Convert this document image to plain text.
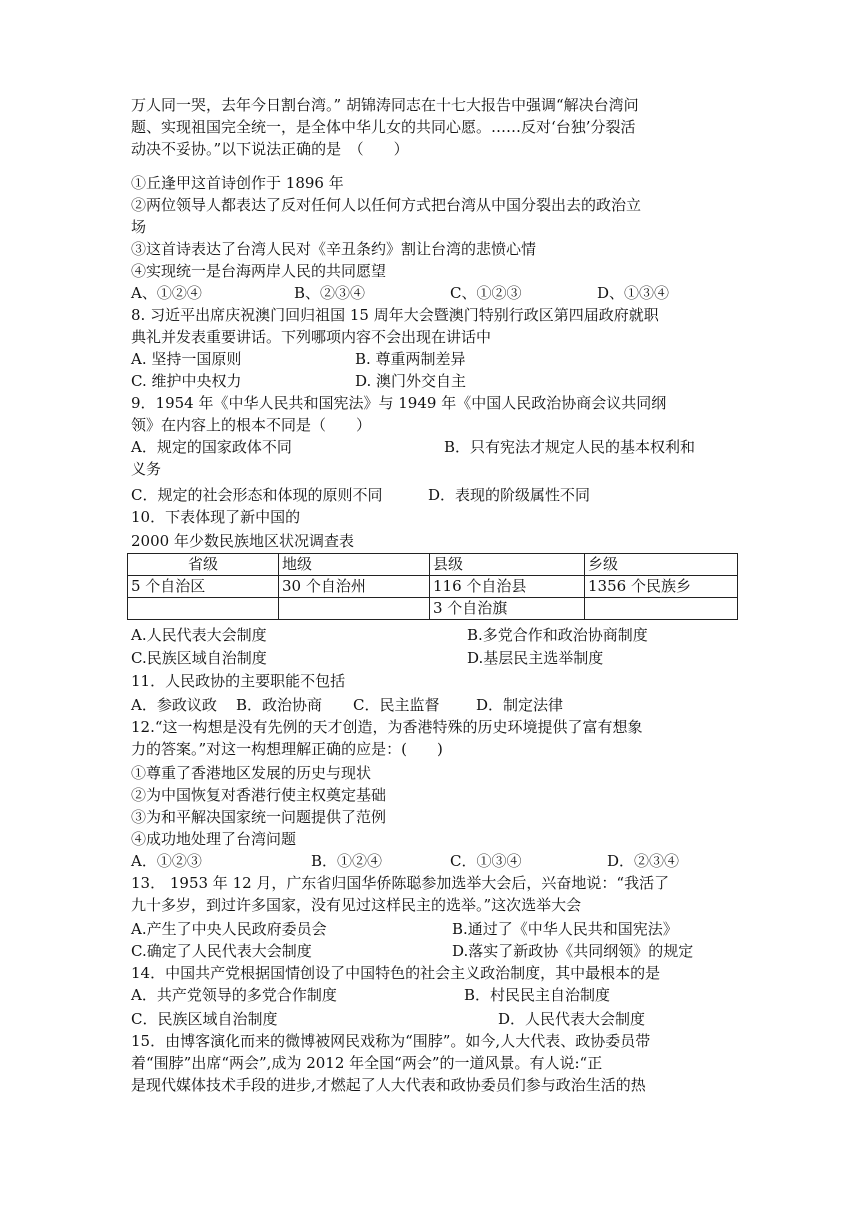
万人同一哭，去年今日割台湾。” 胡锦涛同志在十七大报告中强调“解决台湾问
题、实现祖国完全统一，是全体中华儿女的共同心愿。……反对‘台独’分裂活
动决不妥协。”以下说法正确的是　（　　）
①丘逢甲这首诗创作于 1896 年
②两位领导人都表达了反对任何人以任何方式把台湾从中国分裂出去的政治立
场
③这首诗表达了台湾人民对《辛丑条约》割让台湾的悲愤心情
④实现统一是台海两岸人民的共同愿望
A、①②④	B、②③④	C、①②③	D、①③④
8. 习近平出席庆祝澳门回归祖国 15 周年大会暨澳门特别行政区第四届政府就职
典礼并发表重要讲话。下列哪项内容不会出现在讲话中
A. 坚持一国原则	B. 尊重两制差异
C. 维护中央权力	D. 澳门外交自主
9．1954 年《中华人民共和国宪法》与 1949 年《中国人民政治协商会议共同纲
领》在内容上的根本不同是（　　）
A．规定的国家政体不同	B．只有宪法才规定人民的基本权利和
义务
C．规定的社会形态和体现的原则不同	D．表现的阶级属性不同
10．下表体现了新中国的
2000 年少数民族地区状况调查表
省级	地级	县级	乡级
5 个自治区	30 个自治州	116 个自治县	1356 个民族乡
		3 个自治旗	
A.人民代表大会制度	B.多党合作和政治协商制度
C.民族区域自治制度	D.基层民主选举制度
11．人民政协的主要职能不包括
A．参政议政 B．政治协商 C．民主监督 D．制定法律
12.“这一构想是没有先例的天才创造，为香港特殊的历史环境提供了富有想象
力的答案。”对这一构想理解正确的应是：(　　)
①尊重了香港地区发展的历史与现状
②为中国恢复对香港行使主权奠定基础
③为和平解决国家统一问题提供了范例
④成功地处理了台湾问题
A．①②③	B．①②④	C．①③④	D．②③④
13． 1953 年 12 月，广东省归国华侨陈聪参加选举大会后，兴奋地说：“我活了
九十多岁，到过许多国家，没有见过这样民主的选举。”这次选举大会
A.产生了中央人民政府委员会	B.通过了《中华人民共和国宪法》
C.确定了人民代表大会制度	D.落实了新政协《共同纲领》的规定
14．中国共产党根据国情创设了中国特色的社会主义政治制度，其中最根本的是
A．共产党领导的多党合作制度	B．村民民主自治制度
C．民族区域自治制度	D．人民代表大会制度
15．由博客演化而来的微博被网民戏称为“围脖”。如今,人大代表、政协委员带
着“围脖”出席“两会”,成为 2012 年全国“两会”的一道风景。有人说:“正
是现代媒体技术手段的进步,才燃起了人大代表和政协委员们参与政治生活的热
